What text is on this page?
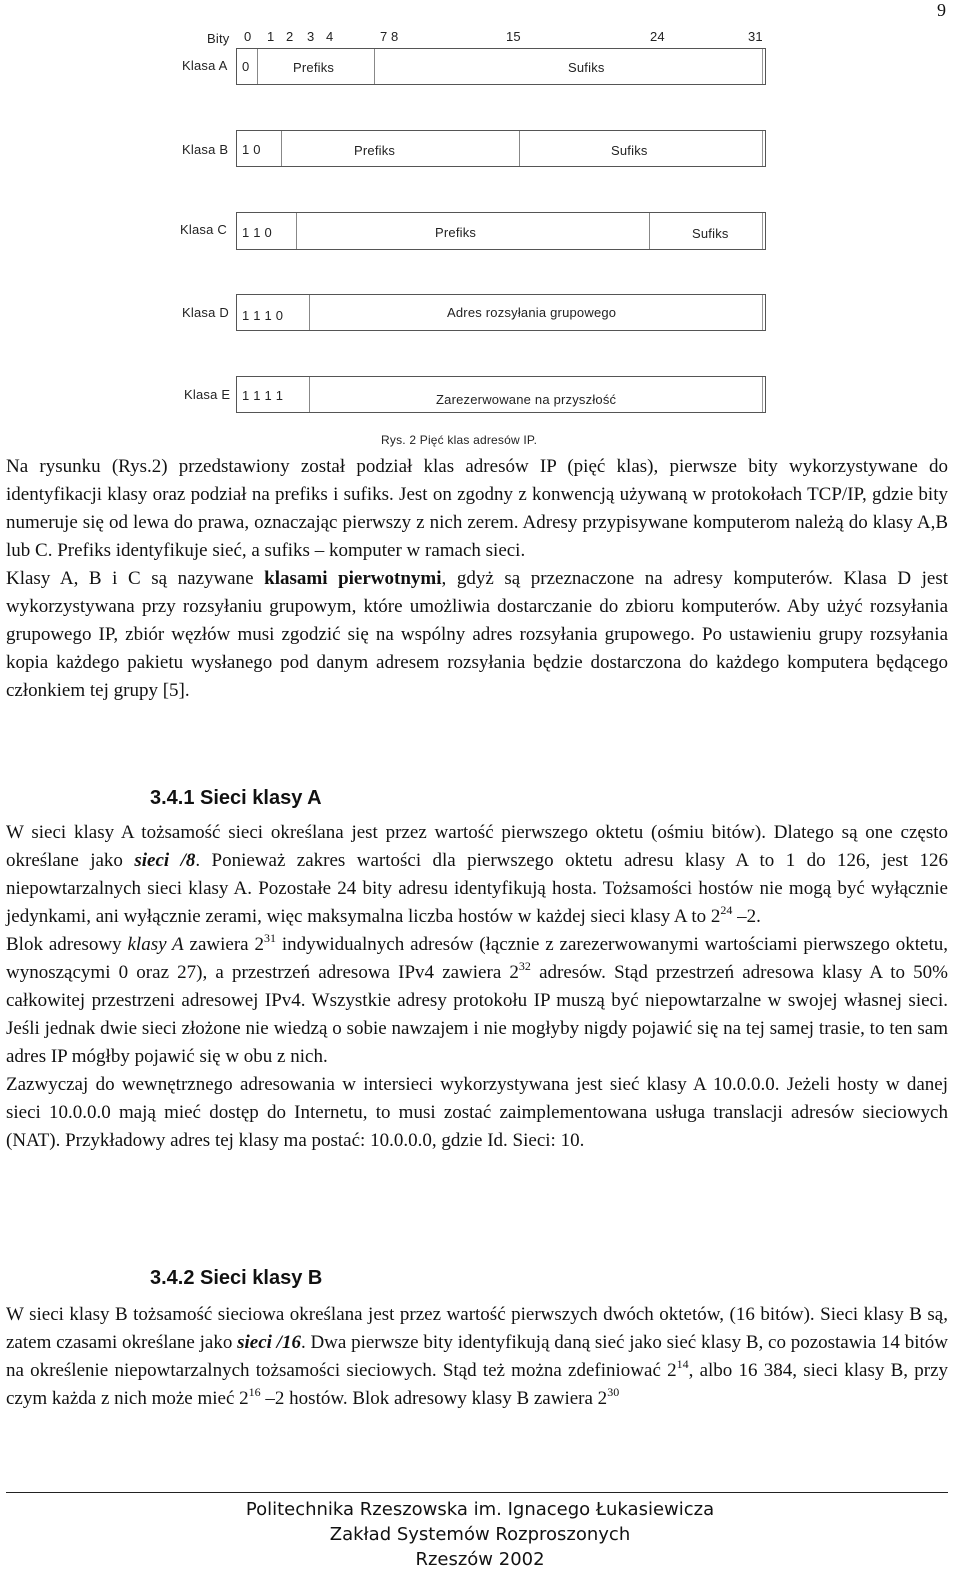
9
Bity 0 1 2 3 4	7 8	15	24	31
Klasa A 0	Prefiks	Sufiks
Klasa B 1 0	Prefiks	Sufiks
Klasa C 1 1 0	Prefiks	Sufiks
Klasa D 1 1 1 0	Adres rozsyłania grupowego
Klasa E 1 1 1 1	Zarezerwowane na przyszłość
Rys. 2 Pięć klas adresów IP.

Na rysunku (Rys.2) przedstawiony został podział klas adresów IP (pięć klas), pierwsze bity wykorzystywane do identyfikacji klasy oraz podział na prefiks i sufiks. Jest on zgodny z konwencją używaną w protokołach TCP/IP, gdzie bity numeruje się od lewa do prawa, oznaczając pierwszy z nich zerem. Adresy przypisywane komputerom należą do klasy A,B lub C. Prefiks identyfikuje sieć, a sufiks – komputer w ramach sieci.

Klasy A, B i C są nazywane klasami pierwotnymi, gdyż są przeznaczone na adresy komputerów. Klasa D jest wykorzystywana przy rozsyłaniu grupowym, które umożliwia dostarczanie do zbioru komputerów. Aby użyć rozsyłania grupowego IP, zbiór węzłów musi zgodzić się na wspólny adres rozsyłania grupowego. Po ustawieniu grupy rozsyłania kopia każdego pakietu wysłanego pod danym adresem rozsyłania będzie dostarczona do każdego komputera będącego członkiem tej grupy [5].

3.4.1 Sieci klasy A

W sieci klasy A tożsamość sieci określana jest przez wartość pierwszego oktetu (ośmiu bitów). Dlatego są one często określane jako sieci /8. Ponieważ zakres wartości dla pierwszego oktetu adresu klasy A to 1 do 126, jest 126 niepowtarzalnych sieci klasy A. Pozostałe 24 bity adresu identyfikują hosta. Tożsamości hostów nie mogą być wyłącznie jedynkami, ani wyłącznie zerami, więc maksymalna liczba hostów w każdej sieci klasy A to $2^{24}$ –2.

Blok adresowy klasy A zawiera $2^{31}$ indywidualnych adresów (łącznie z zarezerwowanymi wartościami pierwszego oktetu, wynoszącymi 0 oraz 27), a przestrzeń adresowa IPv4 zawiera $2^{32}$ adresów. Stąd przestrzeń adresowa klasy A to 50% całkowitej przestrzeni adresowej IPv4. Wszystkie adresy protokołu IP muszą być niepowtarzalne w swojej własnej sieci. Jeśli jednak dwie sieci złożone nie wiedzą o sobie nawzajem i nie mogłyby nigdy pojawić się na tej samej trasie, to ten sam adres IP mógłby pojawić się w obu z nich.

Zazwyczaj do wewnętrznego adresowania w intersieci wykorzystywana jest sieć klasy A 10.0.0.0. Jeżeli hosty w danej sieci 10.0.0.0 mają mieć dostęp do Internetu, to musi zostać zaimplementowana usługa translacji adresów sieciowych (NAT). Przykładowy adres tej klasy ma postać: 10.0.0.0, gdzie Id. Sieci: 10.

3.4.2 Sieci klasy B

W sieci klasy B tożsamość sieciowa określana jest przez wartość pierwszych dwóch oktetów, (16 bitów). Sieci klasy B są, zatem czasami określane jako sieci /16. Dwa pierwsze bity identyfikują daną sieć jako sieć klasy B, co pozostawia 14 bitów na określenie niepowtarzalnych tożsamości sieciowych. Stąd też można zdefiniować $2^{14}$, albo 16 384, sieci klasy B, przy czym każda z nich może mieć $2^{16}$ –2 hostów. Blok adresowy klasy B zawiera $2^{30}$

Politechnika Rzeszowska im. Ignacego Łukasiewicza
Zakład Systemów Rozproszonych
Rzeszów 2002
